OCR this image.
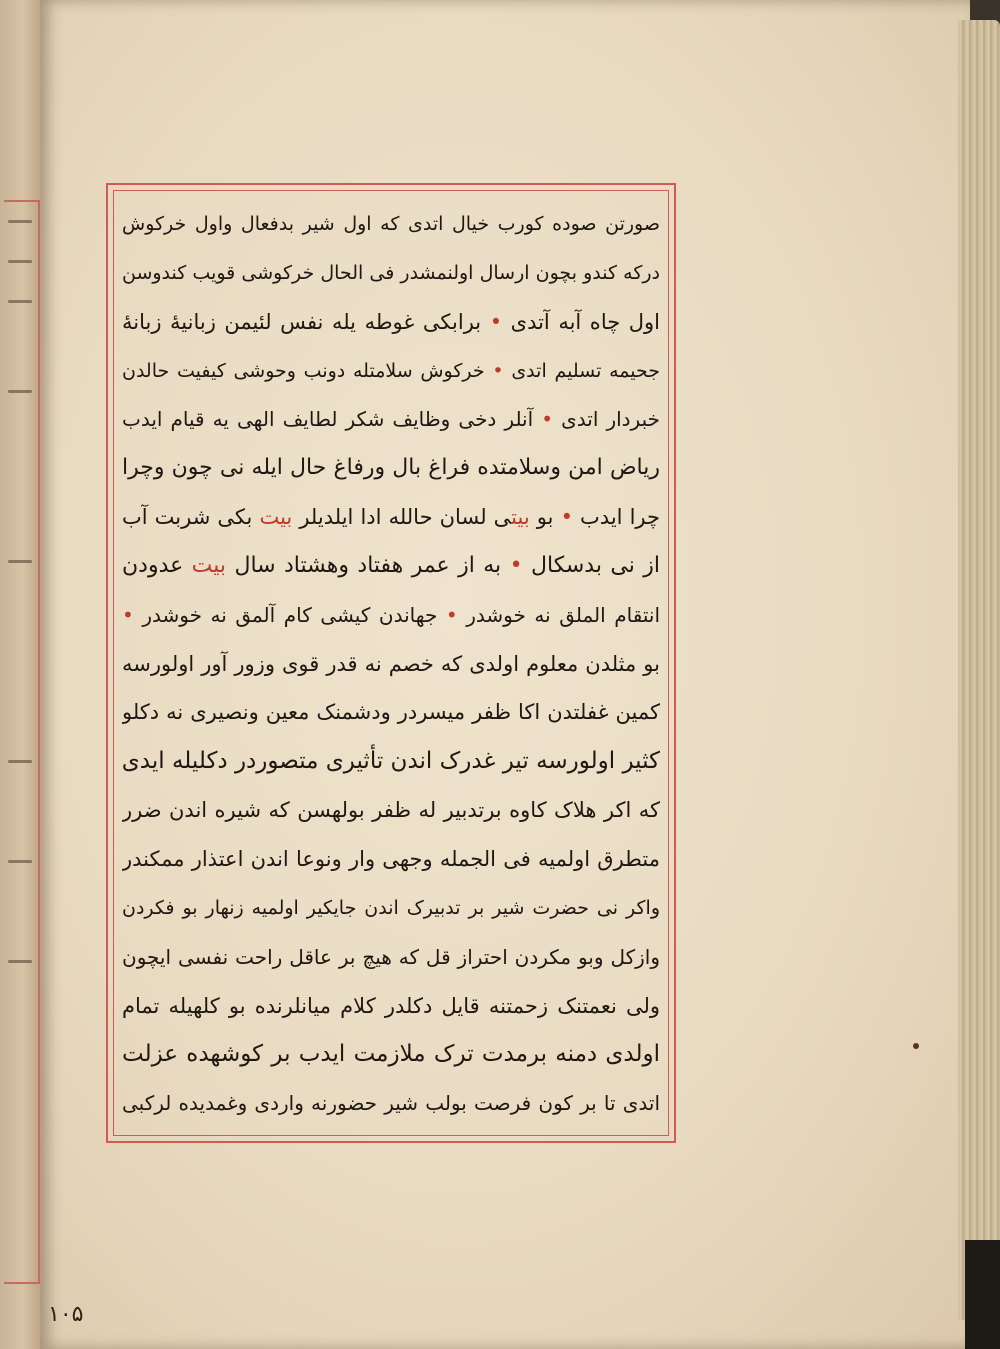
صورتن صوده کورب خیال اتدی که اول شیر بدفعال واول خرکوش
درکه کندو بچون ارسال اولنمشدر فی الحال خرکوشی قویب کندوسن
اول چاه آبه آتدی • برابکی غوطه یله نفس لئیمن زبانیهٔ زبانهٔ
جحیمه تسلیم اتدی • خرکوش سلامتله دونب وحوشی کیفیت حالدن
خبردار اتدی • آنلر دخی وظایف شکر لطایف الهی یه قیام ایدب
ریاض امن وسلامتده فراغ بال ورفاغ حال ایله نی چون وچرا
چرا ایدب • بو بیتی لسان حالله ادا ایلدیلر بیت بکی شربت آب
از نی بدسکال • به از عمر هفتاد وهشتاد سال بیت عدودن
انتقام الملق نه خوشدر • جهاندن کیشی کام آلمق نه خوشدر •
بو مثلدن معلوم اولدی که خصم نه قدر قوی وزور آور اولورسه
کمین غفلتدن اکا ظفر میسردر ودشمنک معین ونصیری نه دکلو
کثیر اولورسه تیر غدرک اندن تأثیری متصوردر دکلیله ایدی
که اکر هلاک کاوه برتدبیر له ظفر بولهسن که شیره اندن ضرر
متطرق اولمیه فی الجمله وجهی وار ونوعا اندن اعتذار ممکندر
واکر نی حضرت شیر بر تدبیرک اندن جایکیر اولمیه زنهار بو فکردن
وازکل وبو مکردن احتراز قل که هیچ بر عاقل راحت نفسی ایچون
ولی نعمتنک زحمتنه قایل دکلدر کلام میانلرنده بو کلهیله تمام
اولدی دمنه برمدت ترک ملازمت ایدب بر کوشهده عزلت
اتدی تا بر کون فرصت بولب شیر حضورنه واردی وغمدیده لرکبی
۱۰۵
